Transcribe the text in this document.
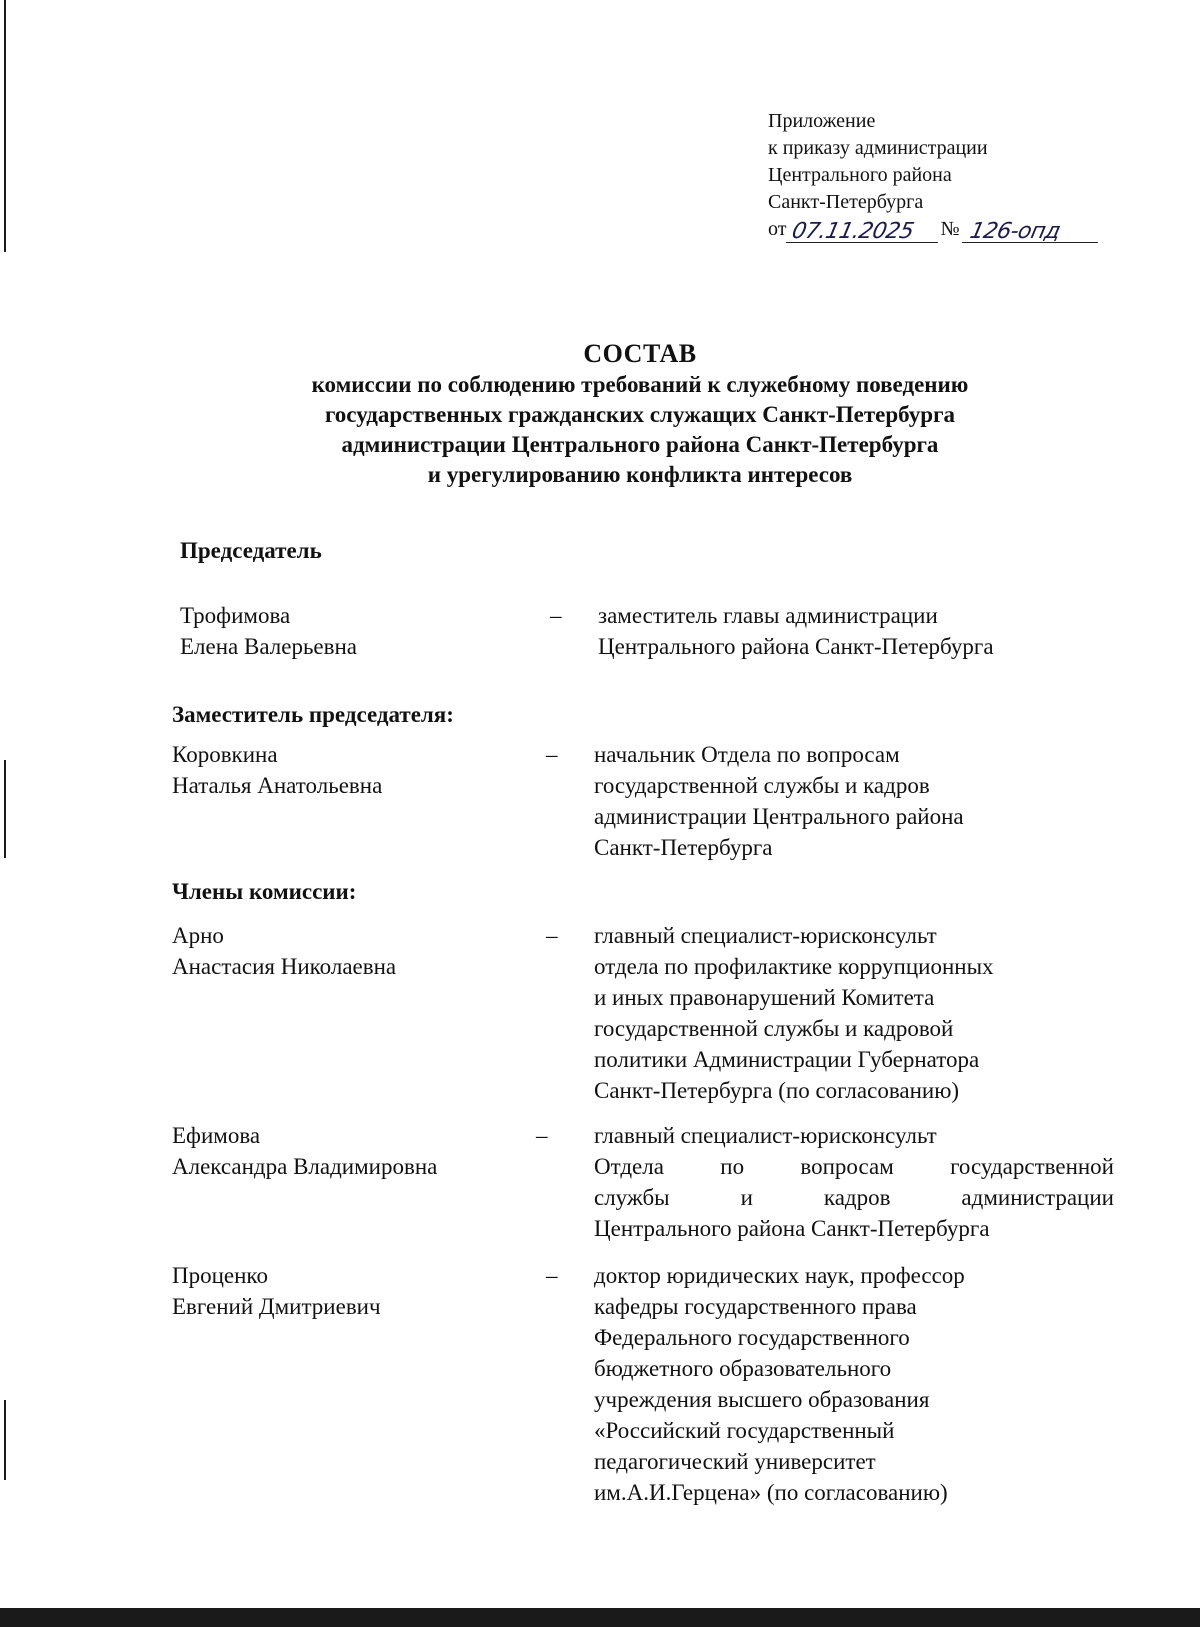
Приложение
к приказу администрации
Центрального района
Санкт-Петербурга
от 07.11.2025	№ 126-опд
СОСТАВ
комиссии по соблюдению требований к служебному поведению
государственных гражданских служащих Санкт-Петербурга
администрации Центрального района Санкт-Петербурга
и урегулированию конфликта интересов
Председатель
Трофимова
Елена Валерьевна
–	заместитель главы администрации
Центрального района Санкт-Петербурга
Заместитель председателя:
Коровкина
Наталья Анатольевна
–	начальник Отдела по вопросам
государственной службы и кадров
администрации Центрального района
Санкт-Петербурга
Члены комиссии:
Арно
Анастасия Николаевна
–	главный специалист-юрисконсульт
отдела по профилактике коррупционных
и иных правонарушений Комитета
государственной службы и кадровой
политики Администрации Губернатора
Санкт-Петербурга (по согласованию)
Ефимова
Александра Владимировна
–	главный специалист-юрисконсульт
Отдела по вопросам государственной
службы и кадров администрации
Центрального района Санкт-Петербурга
Проценко
Евгений Дмитриевич
–	доктор юридических наук, профессор
кафедры государственного права
Федерального государственного
бюджетного образовательного
учреждения высшего образования
«Российский государственный
педагогический университет
им.А.И.Герцена» (по согласованию)
